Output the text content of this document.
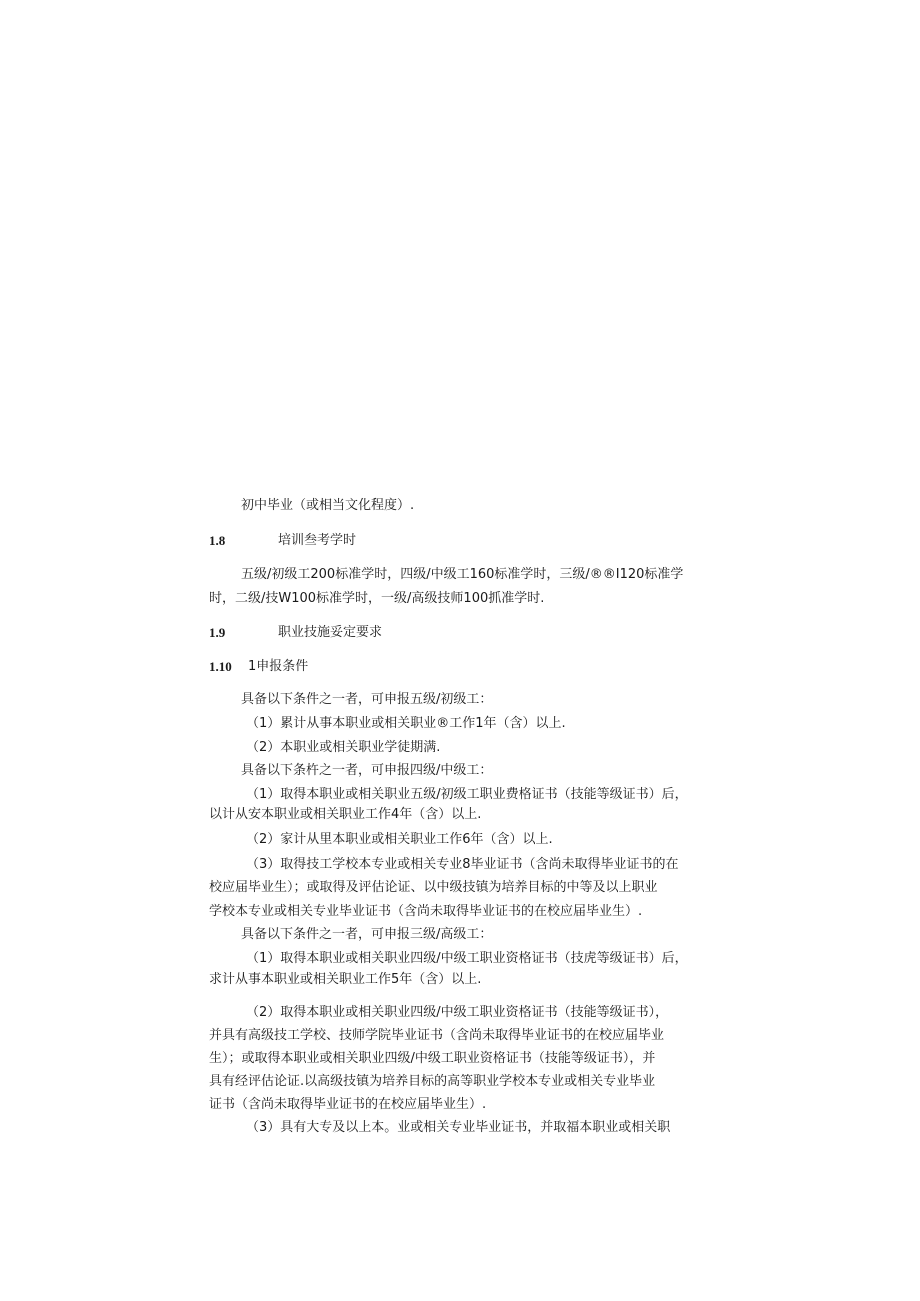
初中毕业（或相当文化程度）.
1.8	培训叁考学时
五级/初级工200标准学时，四级/中级工160标准学时，三级/®®I120标准学
时，二级/技W100标准学时，一级/高级技师100抓准学时.
1.9	职业技施妥定要求
1.10 1申报条件
具备以下条件之一者，可申报五级/初级工：
（1）累计从事本职业或相关职业®工作1年（含）以上.
（2）本职业或相关职业学徒期满.
具备以下条杵之一者，可申报四级/中级工：
（1）取得本职业或相关职业五级/初级工职业费格证书（技能等级证书）后，
以计从安本职业或相关职业工作4年（含）以上.
（2）家计从里本职业或相关职业工作6年（含）以上.
（3）取得技工学校本专业或相关专业8毕业证书（含尚未取得毕业证书的在
校应届毕业生）；或取得及评估论证、以中级技镇为培养目标的中等及以上职业
学校本专业或相关专业毕业证书（含尚未取得毕业证书的在校应届毕业生）.
具备以下条件之一者，可申报三级/高级工：
（1）取得本职业或相关职业四级/中级工职业资格证书（技虎等级证书）后，
求计从事本职业或相关职业工作5年（含）以上.
（2）取得本职业或相关职业四级/中级工职业资格证书（技能等级证书），
并具有高级技工学校、技师学院毕业证书（含尚未取得毕业证书的在校应届毕业
生）；或取得本职业或相关职业四级/中级工职业资格证书（技能等级证书），并
具有经评估论证.以高级技镇为培养目标的高等职业学校本专业或相关专业毕业
证书（含尚未取得毕业证书的在校应届毕业生）.
（3）具有大专及以上本。业或相关专业毕业证书，并取福本职业或相关职
